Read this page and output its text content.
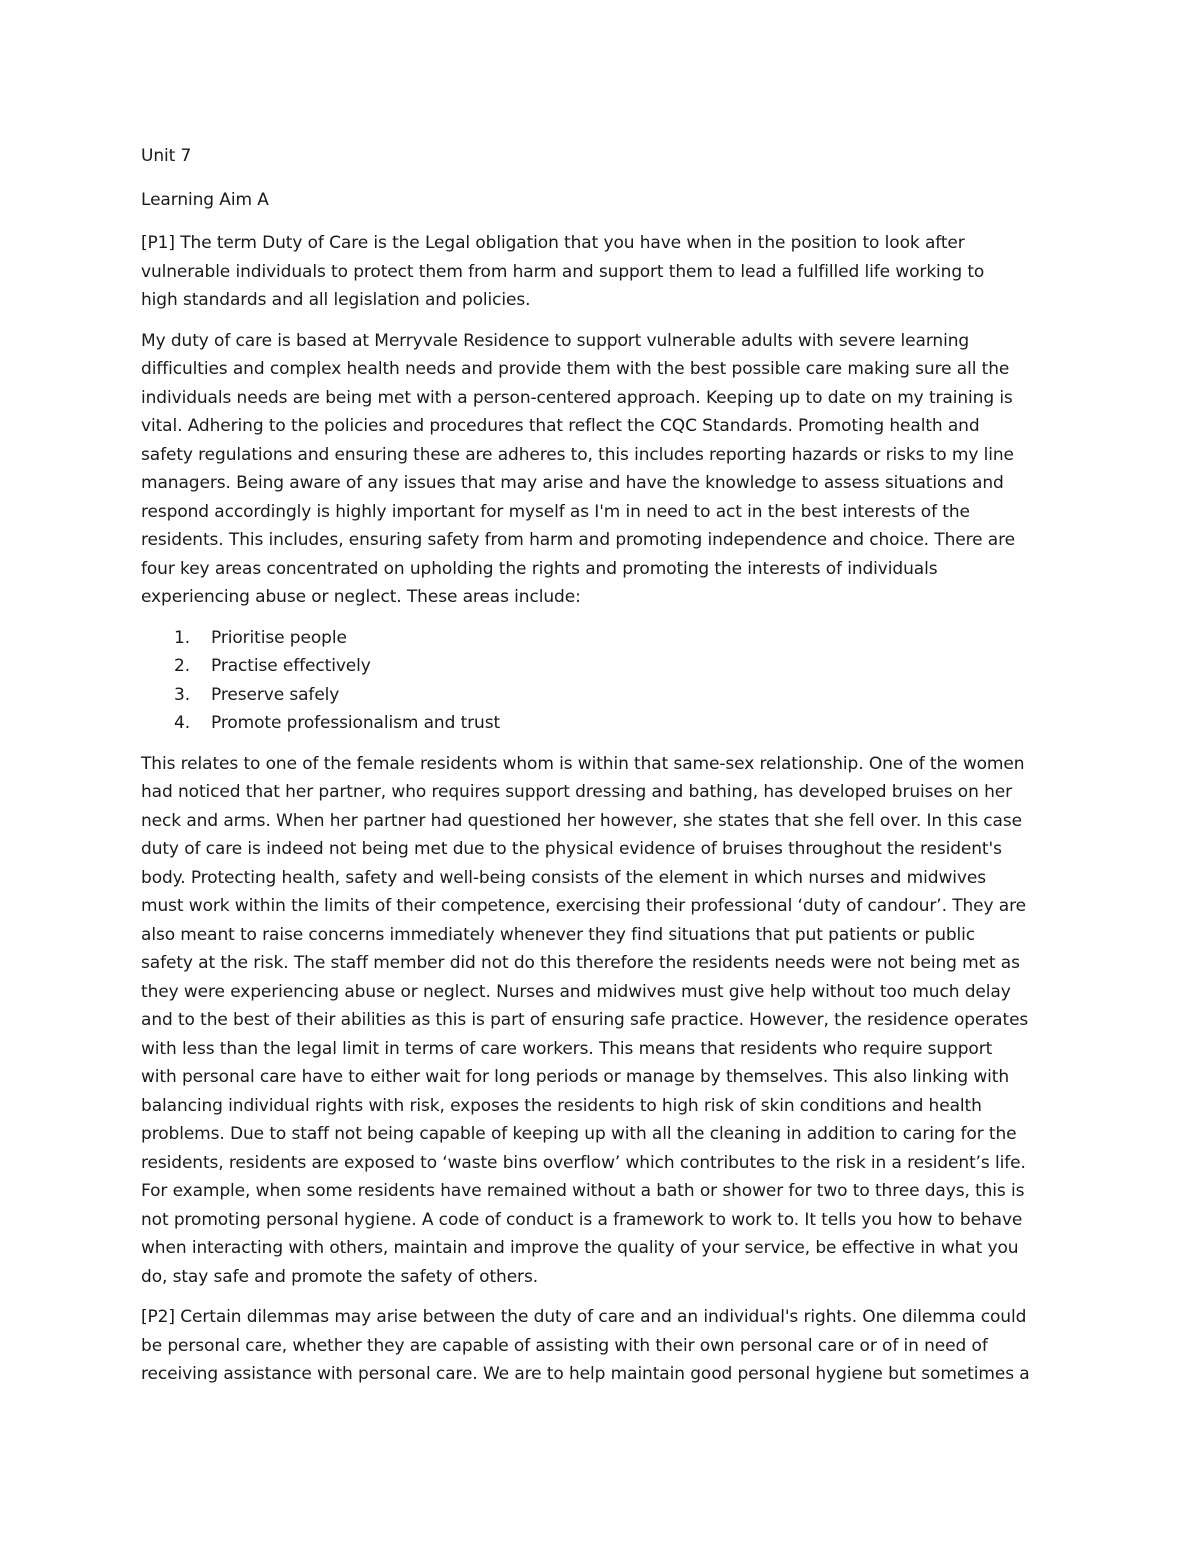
Unit 7

Learning Aim A

[P1] The term Duty of Care is the Legal obligation that you have when in the position to look after
vulnerable individuals to protect them from harm and support them to lead a fulfilled life working to
high standards and all legislation and policies.
My duty of care is based at Merryvale Residence to support vulnerable adults with severe learning
difficulties and complex health needs and provide them with the best possible care making sure all the
individuals needs are being met with a person-centered approach. Keeping up to date on my training is
vital. Adhering to the policies and procedures that reflect the CQC Standards. Promoting health and
safety regulations and ensuring these are adheres to, this includes reporting hazards or risks to my line
managers. Being aware of any issues that may arise and have the knowledge to assess situations and
respond accordingly is highly important for myself as I'm in need to act in the best interests of the
residents. This includes, ensuring safety from harm and promoting independence and choice. There are
four key areas concentrated on upholding the rights and promoting the interests of individuals
experiencing abuse or neglect. These areas include:
1. Prioritise people
2. Practise effectively
3. Preserve safely
4. Promote professionalism and trust
This relates to one of the female residents whom is within that same-sex relationship. One of the women
had noticed that her partner, who requires support dressing and bathing, has developed bruises on her
neck and arms. When her partner had questioned her however, she states that she fell over. In this case
duty of care is indeed not being met due to the physical evidence of bruises throughout the resident's
body. Protecting health, safety and well-being consists of the element in which nurses and midwives
must work within the limits of their competence, exercising their professional ‘duty of candour’. They are
also meant to raise concerns immediately whenever they find situations that put patients or public
safety at the risk. The staff member did not do this therefore the residents needs were not being met as
they were experiencing abuse or neglect. Nurses and midwives must give help without too much delay
and to the best of their abilities as this is part of ensuring safe practice. However, the residence operates
with less than the legal limit in terms of care workers. This means that residents who require support
with personal care have to either wait for long periods or manage by themselves. This also linking with
balancing individual rights with risk, exposes the residents to high risk of skin conditions and health
problems. Due to staff not being capable of keeping up with all the cleaning in addition to caring for the
residents, residents are exposed to ‘waste bins overflow’ which contributes to the risk in a resident’s life.
For example, when some residents have remained without a bath or shower for two to three days, this is
not promoting personal hygiene. A code of conduct is a framework to work to. It tells you how to behave
when interacting with others, maintain and improve the quality of your service, be effective in what you
do, stay safe and promote the safety of others.
[P2] Certain dilemmas may arise between the duty of care and an individual's rights. One dilemma could
be personal care, whether they are capable of assisting with their own personal care or of in need of
receiving assistance with personal care. We are to help maintain good personal hygiene but sometimes a
